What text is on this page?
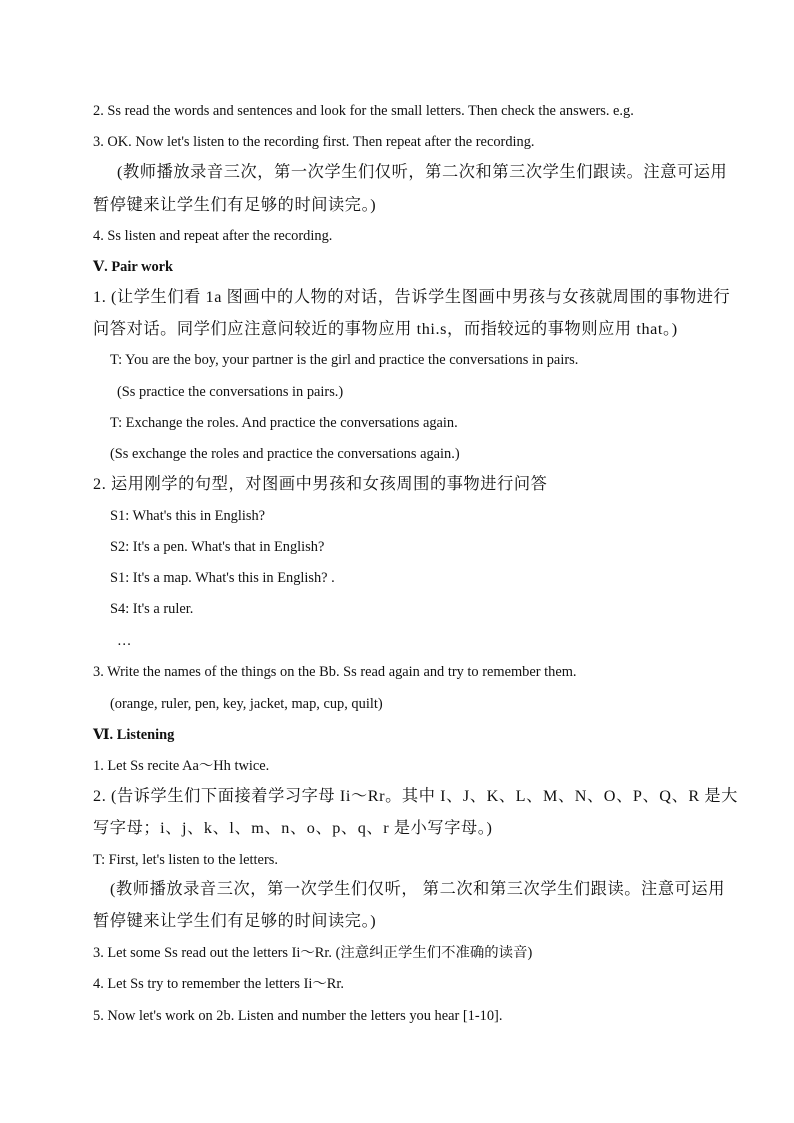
2. Ss read the words and sentences and look for the small letters. Then check the answers. e.g.
3. OK. Now let's listen to the recording first. Then repeat after the recording.
(教师播放录音三次，第一次学生们仅听，第二次和第三次学生们跟读。注意可运用
暂停键来让学生们有足够的时间读完。)
4. Ss listen and repeat after the recording.
Ⅴ. Pair work
1. (让学生们看 1a 图画中的人物的对话，告诉学生图画中男孩与女孩就周围的事物进行
问答对话。同学们应注意问较近的事物应用 thi.s，而指较远的事物则应用 that。)
T: You are the boy, your partner is the girl and practice the conversations in pairs.
(Ss practice the conversations in pairs.)
T: Exchange the roles. And practice the conversations again.
(Ss exchange the roles and practice the conversations again.)
2. 运用刚学的句型，对图画中男孩和女孩周围的事物进行问答
S1: What's this in English?
S2: It's a pen. What's that in English?
S1: It's a map. What's this in English? .
S4: It's a ruler.
…
3. Write the names of the things on the Bb. Ss read again and try to remember them.
(orange, ruler, pen, key, jacket, map, cup, quilt)
Ⅵ. Listening
1. Let Ss recite Aa～Hh twice.
2. (告诉学生们下面接着学习字母 Ii～Rr。其中 I、J、K、L、M、N、O、P、Q、R 是大
写字母；i、j、k、l、m、n、o、p、q、r 是小写字母。)
T: First, let's listen to the letters.
(教师播放录音三次，第一次学生们仅听， 第二次和第三次学生们跟读。注意可运用
暂停键来让学生们有足够的时间读完。)
3. Let some Ss read out the letters Ii～Rr. (注意纠正学生们不准确的读音)
4. Let Ss try to remember the letters Ii～Rr.
5. Now let's work on 2b. Listen and number the letters you hear [1-10].
